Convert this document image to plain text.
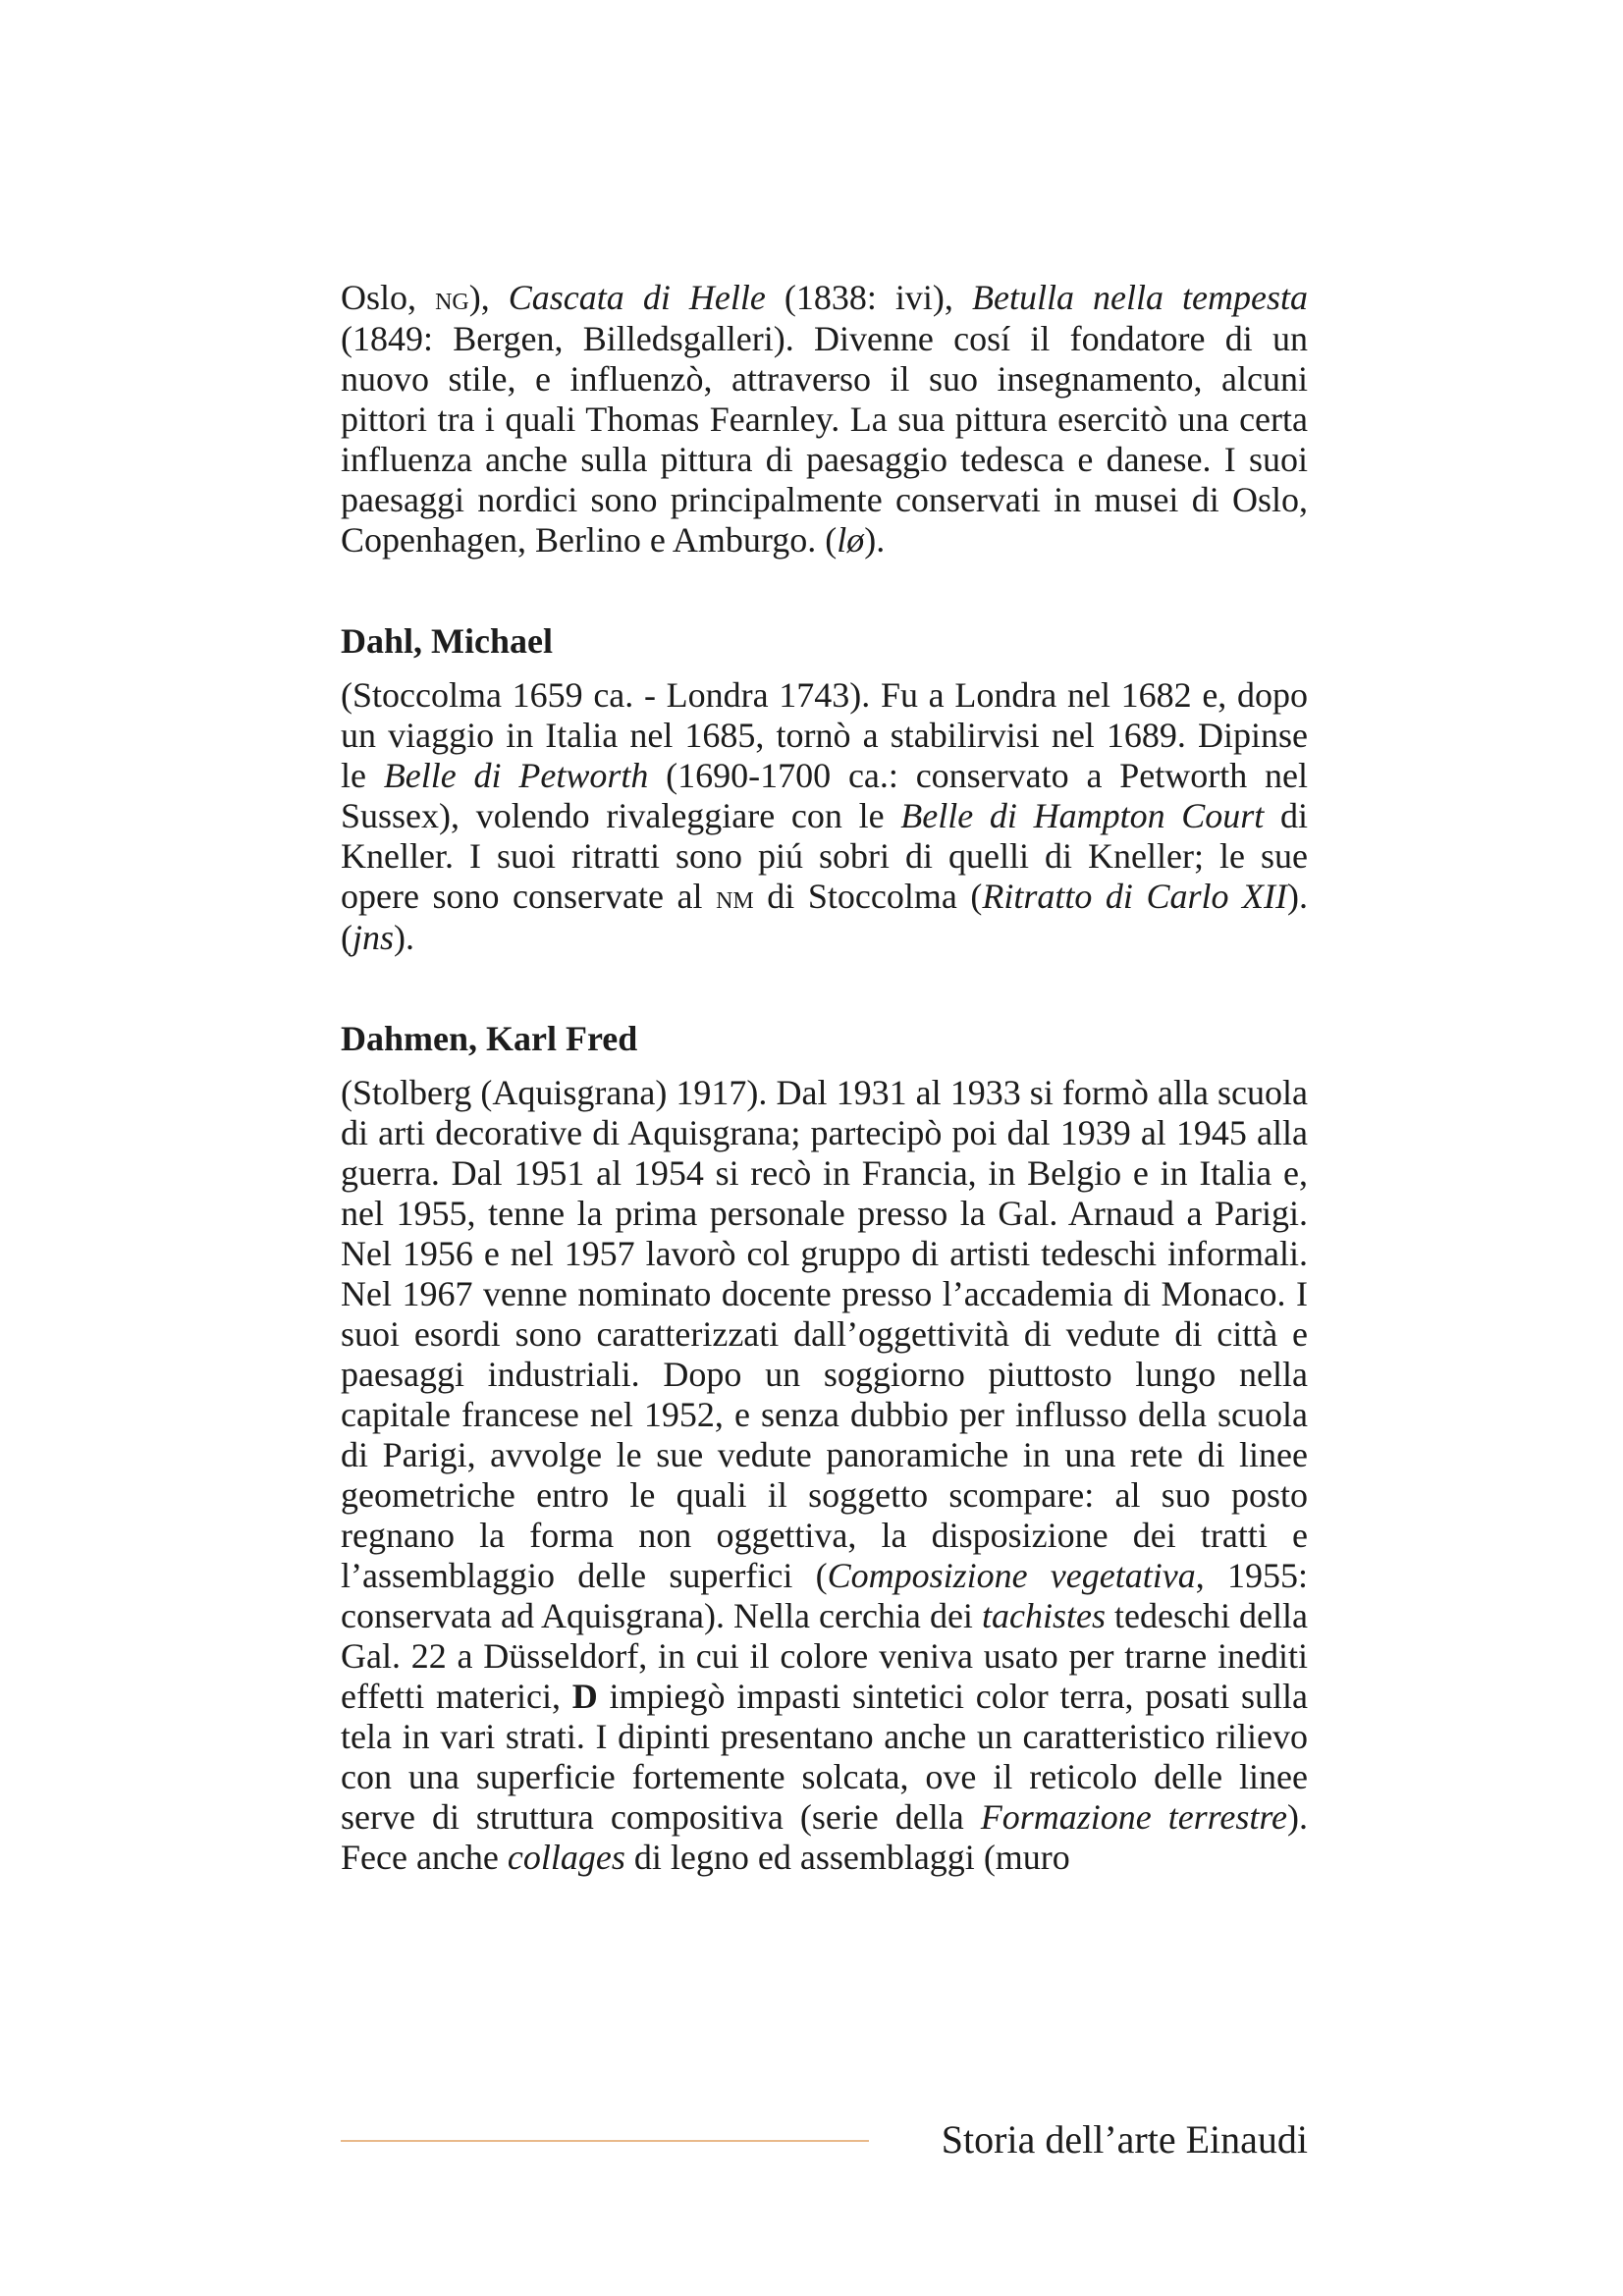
Oslo, ng), Cascata di Helle (1838: ivi), Betulla nella tempesta (1849: Bergen, Billedsgalleri). Divenne cosí il fondatore di un nuovo stile, e influenzò, attraverso il suo insegnamento, alcuni pittori tra i quali Thomas Fearnley. La sua pittura esercitò una certa influenza anche sulla pittura di paesaggio tedesca e danese. I suoi paesaggi nordici sono principalmente conservati in musei di Oslo, Copenhagen, Berlino e Amburgo. (lø).

Dahl, Michael

(Stoccolma 1659 ca. - Londra 1743). Fu a Londra nel 1682 e, dopo un viaggio in Italia nel 1685, tornò a stabilirvisi nel 1689. Dipinse le Belle di Petworth (1690-1700 ca.: conservato a Petworth nel Sussex), volendo rivaleggiare con le Belle di Hampton Court di Kneller. I suoi ritratti sono piú sobri di quelli di Kneller; le sue opere sono conservate al nm di Stoccolma (Ritratto di Carlo XII). (jns).

Dahmen, Karl Fred

(Stolberg (Aquisgrana) 1917). Dal 1931 al 1933 si formò alla scuola di arti decorative di Aquisgrana; partecipò poi dal 1939 al 1945 alla guerra. Dal 1951 al 1954 si recò in Francia, in Belgio e in Italia e, nel 1955, tenne la prima personale presso la Gal. Arnaud a Parigi. Nel 1956 e nel 1957 lavorò col gruppo di artisti tedeschi informali. Nel 1967 venne nominato docente presso l’accademia di Monaco. I suoi esordi sono caratterizzati dall’oggettività di vedute di città e paesaggi industriali. Dopo un soggiorno piuttosto lungo nella capitale francese nel 1952, e senza dubbio per influsso della scuola di Parigi, avvolge le sue vedute panoramiche in una rete di linee geometriche entro le quali il soggetto scompare: al suo posto regnano la forma non oggettiva, la disposizione dei tratti e l’assemblaggio delle superfici (Composizione vegetativa, 1955: conservata ad Aquisgrana). Nella cerchia dei tachistes tedeschi della Gal. 22 a Düsseldorf, in cui il colore veniva usato per trarne inediti effetti materici, D impiegò impasti sintetici color terra, posati sulla tela in vari strati. I dipinti presentano anche un caratteristico rilievo con una superficie fortemente solcata, ove il reticolo delle linee serve di struttura compositiva (serie della Formazione terrestre). Fece anche collages di legno ed assemblaggi (muro

Storia dell’arte Einaudi
